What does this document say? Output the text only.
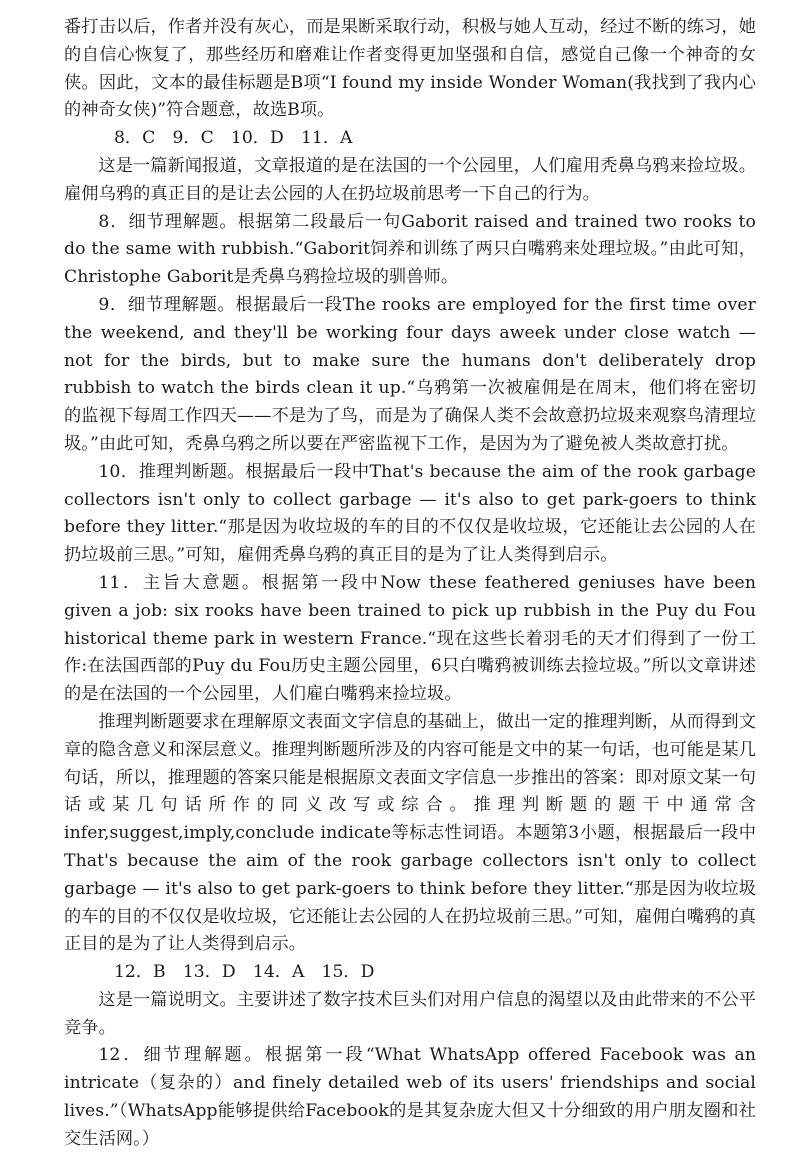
番打击以后，作者并没有灰心，而是果断采取行动，积极与她人互动，经过不断的练习，她的自信心恢复了，那些经历和磨难让作者变得更加坚强和自信，感觉自己像一个神奇的女侠。因此，文本的最佳标题是B项“I found my inside Wonder Woman(我找到了我内心的神奇女侠)”符合题意，故选B项。

8．C　9．C　10．D　11．A

这是一篇新闻报道，文章报道的是在法国的一个公园里，人们雇用秃鼻乌鸦来捡垃圾。雇佣乌鸦的真正目的是让去公园的人在扔垃圾前思考一下自己的行为。

8．细节理解题。根据第二段最后一句Gaborit raised and trained two rooks to do the same with rubbish.“Gaborit饲养和训练了两只白嘴鸦来处理垃圾。”由此可知，Christophe Gaborit是秃鼻乌鸦捡垃圾的驯兽师。

9．细节理解题。根据最后一段The rooks are employed for the first time over the weekend, and they'll be working four days aweek under close watch — not for the birds, but to make sure the humans don't deliberately drop rubbish to watch the birds clean it up.“乌鸦第一次被雇佣是在周末，他们将在密切的监视下每周工作四天——不是为了鸟，而是为了确保人类不会故意扔垃圾来观察鸟清理垃圾。”由此可知，秃鼻乌鸦之所以要在严密监视下工作，是因为为了避免被人类故意打扰。

10．推理判断题。根据最后一段中That's because the aim of the rook garbage collectors isn't only to collect garbage — it's also to get park-goers to think before they litter.“那是因为收垃圾的车的目的不仅仅是收垃圾，它还能让去公园的人在扔垃圾前三思。”可知，雇佣秃鼻乌鸦的真正目的是为了让人类得到启示。

11．主旨大意题。根据第一段中Now these feathered geniuses have been given a job: six rooks have been trained to pick up rubbish in the Puy du Fou historical theme park in western France.“现在这些长着羽毛的天才们得到了一份工作:在法国西部的Puy du Fou历史主题公园里，6只白嘴鸦被训练去捡垃圾。”所以文章讲述的是在法国的一个公园里，人们雇白嘴鸦来捡垃圾。

推理判断题要求在理解原文表面文字信息的基础上，做出一定的推理判断，从而得到文章的隐含意义和深层意义。推理判断题所涉及的内容可能是文中的某一句话，也可能是某几句话，所以，推理题的答案只能是根据原文表面文字信息一步推出的答案：即对原文某一句话或某几句话所作的同义改写或综合。推理判断题的题干中通常含infer,suggest,imply,conclude indicate等标志性词语。本题第3小题，根据最后一段中That's because the aim of the rook garbage collectors isn't only to collect garbage — it's also to get park-goers to think before they litter.“那是因为收垃圾的车的目的不仅仅是收垃圾，它还能让去公园的人在扔垃圾前三思。”可知，雇佣白嘴鸦的真正目的是为了让人类得到启示。

12．B　13．D　14．A　15．D

这是一篇说明文。主要讲述了数字技术巨头们对用户信息的渴望以及由此带来的不公平竞争。

12．细节理解题。根据第一段“What WhatsApp offered Facebook was an intricate（复杂的）and finely detailed web of its users' friendships and social lives.”（WhatsApp能够提供给Facebook的是其复杂庞大但又十分细致的用户朋友圈和社交生活网。）
